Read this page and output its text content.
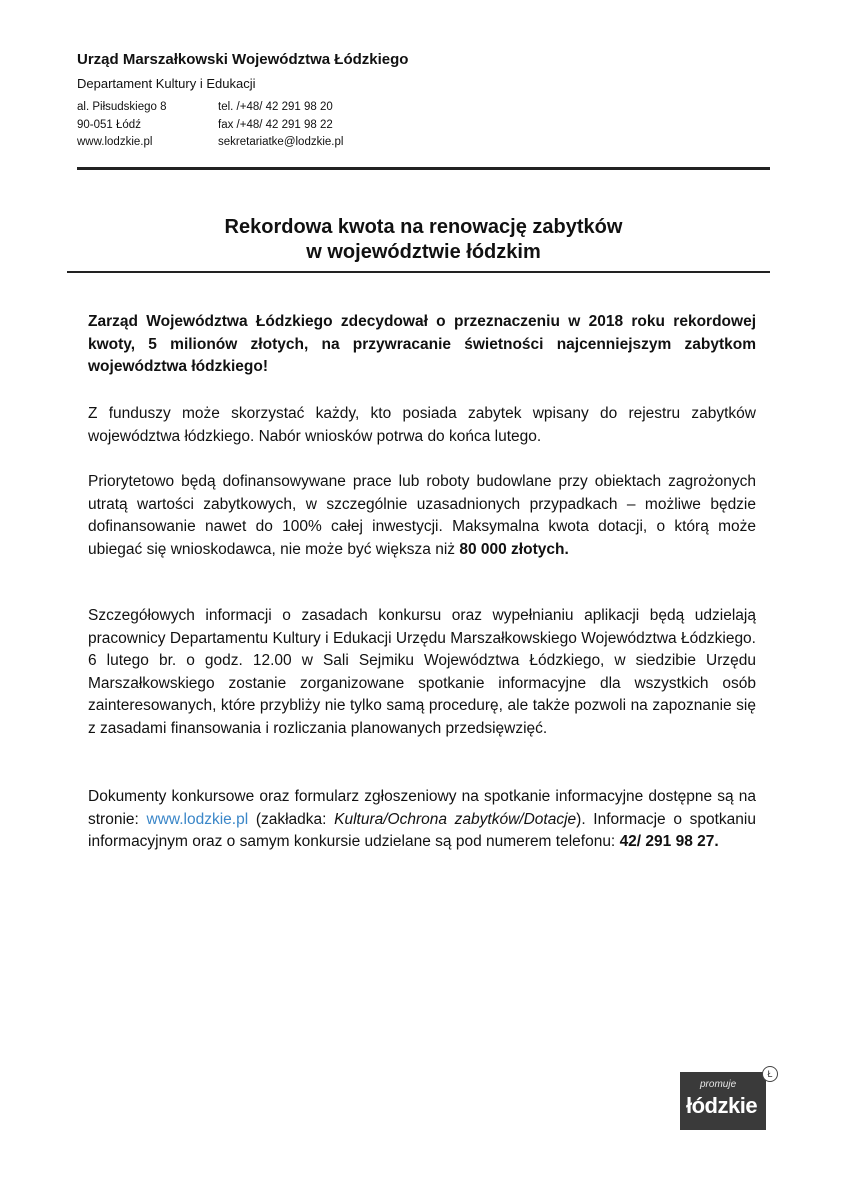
Urząd Marszałkowski Województwa Łódzkiego
Departament Kultury i Edukacji
al. Piłsudskiego 8
90-051 Łódź
www.lodzkie.pl
tel. /+48/ 42 291 98 20
fax /+48/ 42 291 98 22
sekretariatke@lodzkie.pl
Rekordowa kwota na renowację zabytków
w województwie łódzkim
Zarząd Województwa Łódzkiego zdecydował o przeznaczeniu w 2018 roku rekordowej kwoty, 5 milionów złotych, na przywracanie świetności najcenniejszym zabytkom województwa łódzkiego!
Z funduszy może skorzystać każdy, kto posiada zabytek wpisany do rejestru zabytków województwa łódzkiego. Nabór wniosków potrwa do końca lutego.
Priorytetowo będą dofinansowywane prace lub roboty budowlane przy obiektach zagrożonych utratą wartości zabytkowych, w szczególnie uzasadnionych przypadkach – możliwe będzie dofinansowanie nawet do 100% całej inwestycji. Maksymalna kwota dotacji, o którą może ubiegać się wnioskodawca, nie może być większa niż 80 000 złotych.
Szczegółowych informacji o zasadach konkursu oraz wypełnianiu aplikacji będą udzielają pracownicy Departamentu Kultury i Edukacji Urzędu Marszałkowskiego Województwa Łódzkiego. 6 lutego br. o godz. 12.00 w Sali Sejmiku Województwa Łódzkiego, w siedzibie Urzędu Marszałkowskiego zostanie zorganizowane spotkanie informacyjne dla wszystkich osób zainteresowanych, które przybliży nie tylko samą procedurę, ale także pozwoli na zapoznanie się z zasadami finansowania i rozliczania planowanych przedsięwzięć.
Dokumenty konkursowe oraz formularz zgłoszeniowy na spotkanie informacyjne dostępne są na stronie: www.lodzkie.pl (zakładka: Kultura/Ochrona zabytków/Dotacje). Informacje o spotkaniu informacyjnym oraz o samym konkursie udzielane są pod numerem telefonu: 42/ 291 98 27.
promuje
łódzkie
Ł
